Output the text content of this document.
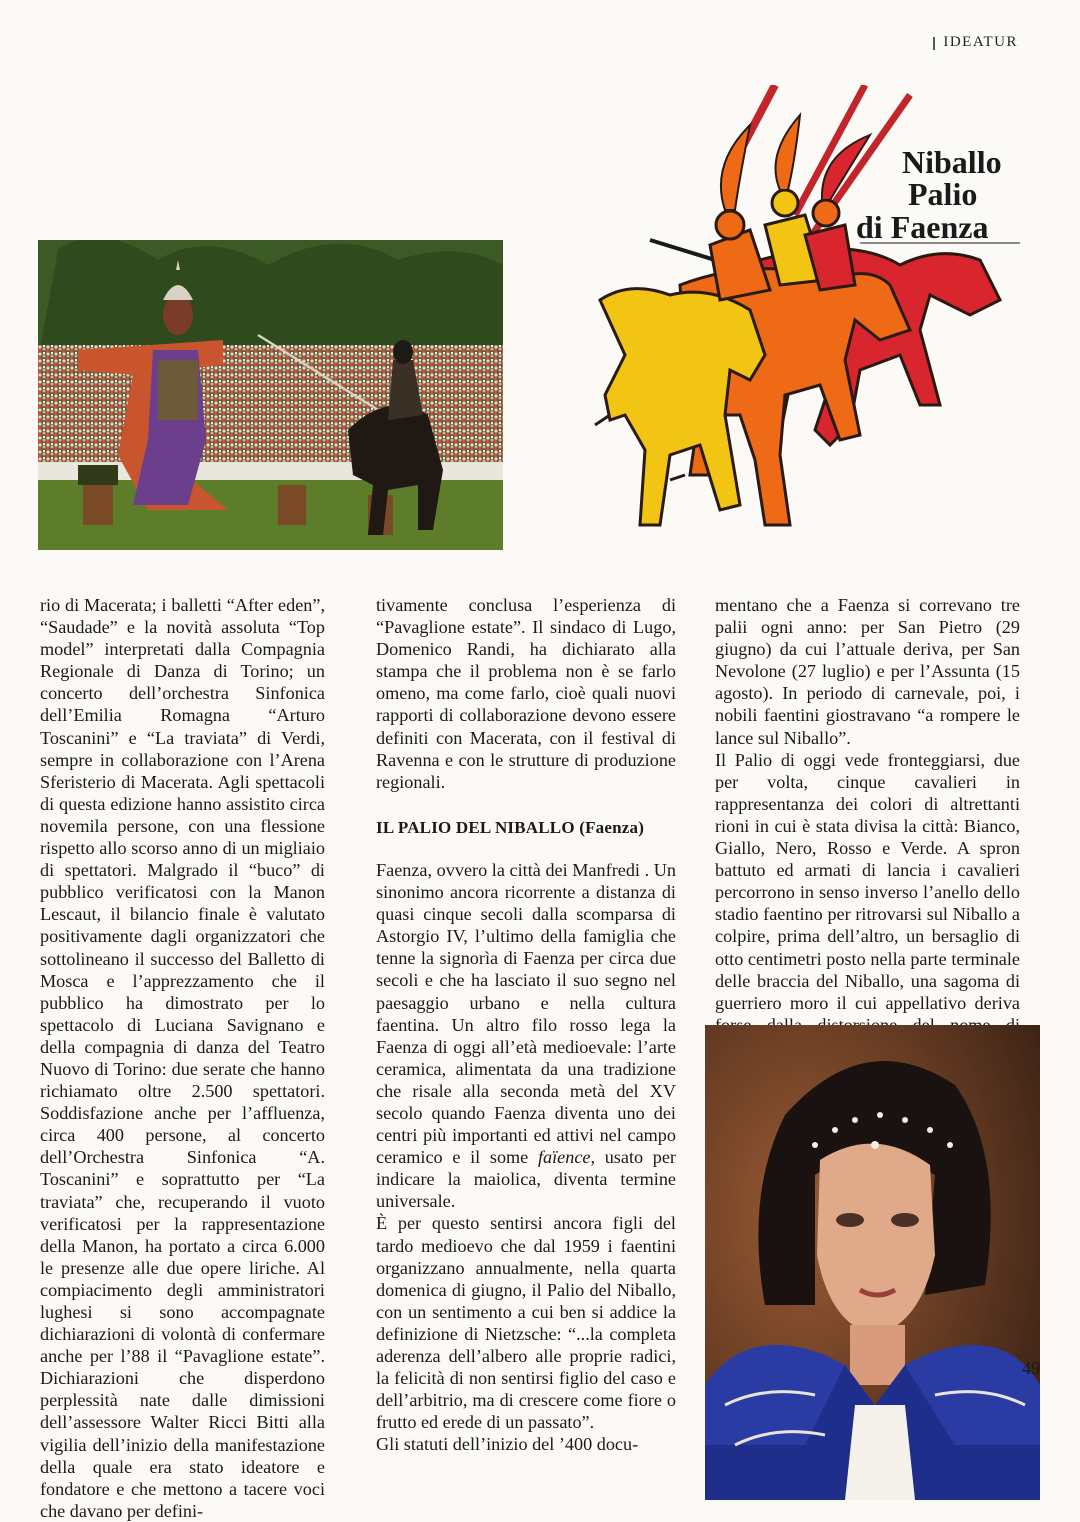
IDEATUR
Niballo
Palio
di Faenza

rio di Macerata; i balletti “After eden”, “Saudade” e la novità assoluta “Top model” interpretati dalla Compagnia Regionale di Danza di Torino; un concerto dell’orchestra Sinfonica dell’Emilia Romagna “Arturo Toscanini” e “La traviata” di Verdi, sempre in collaborazione con l’Arena Sferisterio di Macerata. Agli spettacoli di questa edizione hanno assistito circa novemila persone, con una flessione rispetto allo scorso anno di un migliaio di spettatori. Malgrado il “buco” di pubblico verificatosi con la Manon Lescaut, il bilancio finale è valutato positivamente dagli organizzatori che sottolineano il successo del Balletto di Mosca e l’apprezzamento che il pubblico ha dimostrato per lo spettacolo di Luciana Savignano e della compagnia di danza del Teatro Nuovo di Torino: due serate che hanno richiamato oltre 2.500 spettatori. Soddisfazione anche per l’affluenza, circa 400 persone, al concerto dell’Orchestra Sinfonica “A. Toscanini” e soprattutto per “La traviata” che, recuperando il vuoto verificatosi per la rappresentazione della Manon, ha portato a circa 6.000 le presenze alle due opere liriche. Al compiacimento degli amministratori lughesi si sono accompagnate dichiarazioni di volontà di confermare anche per l’88 il “Pavaglione estate”. Dichiarazioni che disperdono perplessità nate dalle dimissioni dell’assessore Walter Ricci Bitti alla vigilia dell’inizio della manifestazione della quale era stato ideatore e fondatore e che mettono a tacere voci che davano per defini-

tivamente conclusa l’esperienza di “Pavaglione estate”. Il sindaco di Lugo, Domenico Randi, ha dichiarato alla stampa che il problema non è se farlo omeno, ma come farlo, cioè quali nuovi rapporti di collaborazione devono essere definiti con Macerata, con il festival di Ravenna e con le strutture di produzione regionali.

IL PALIO DEL NIBALLO (Faenza)

Faenza, ovvero la città dei Manfredi . Un sinonimo ancora ricorrente a distanza di quasi cinque secoli dalla scomparsa di Astorgio IV, l’ultimo della famiglia che tenne la signorìa di Faenza per circa due secoli e che ha lasciato il suo segno nel paesaggio urbano e nella cultura faentina. Un altro filo rosso lega la Faenza di oggi all’età medioevale: l’arte ceramica, alimentata da una tradizione che risale alla seconda metà del XV secolo quando Faenza diventa uno dei centri più importanti ed attivi nel campo ceramico e il some faïence, usato per indicare la maiolica, diventa termine universale.

È per questo sentirsi ancora figli del tardo medioevo che dal 1959 i faentini organizzano annualmente, nella quarta domenica di giugno, il Palio del Niballo, con un sentimento a cui ben si addice la definizione di Nietzsche: “...la completa aderenza dell’albero alle proprie radici, la felicità di non sentirsi figlio del caso e dell’arbitrio, ma di crescere come fiore o frutto ed erede di un passato”.

Gli statuti dell’inizio del ’400 docu-

mentano che a Faenza si correvano tre palii ogni anno: per San Pietro (29 giugno) da cui l’attuale deriva, per San Nevolone (27 luglio) e per l’Assunta (15 agosto). In periodo di carnevale, poi, i nobili faentini giostravano “a rompere le lance sul Niballo”.

Il Palio di oggi vede fronteggiarsi, due per volta, cinque cavalieri in rappresentanza dei colori di altrettanti rioni in cui è stata divisa la città: Bianco, Giallo, Nero, Rosso e Verde. A spron battuto ed armati di lancia i cavalieri percorrono in senso inverso l’anello dello stadio faentino per ritrovarsi sul Niballo a colpire, prima dell’altro, un bersaglio di otto centimetri posto nella parte terminale delle braccia del Niballo, una sagoma di guerriero moro il cui appellativo deriva

49
